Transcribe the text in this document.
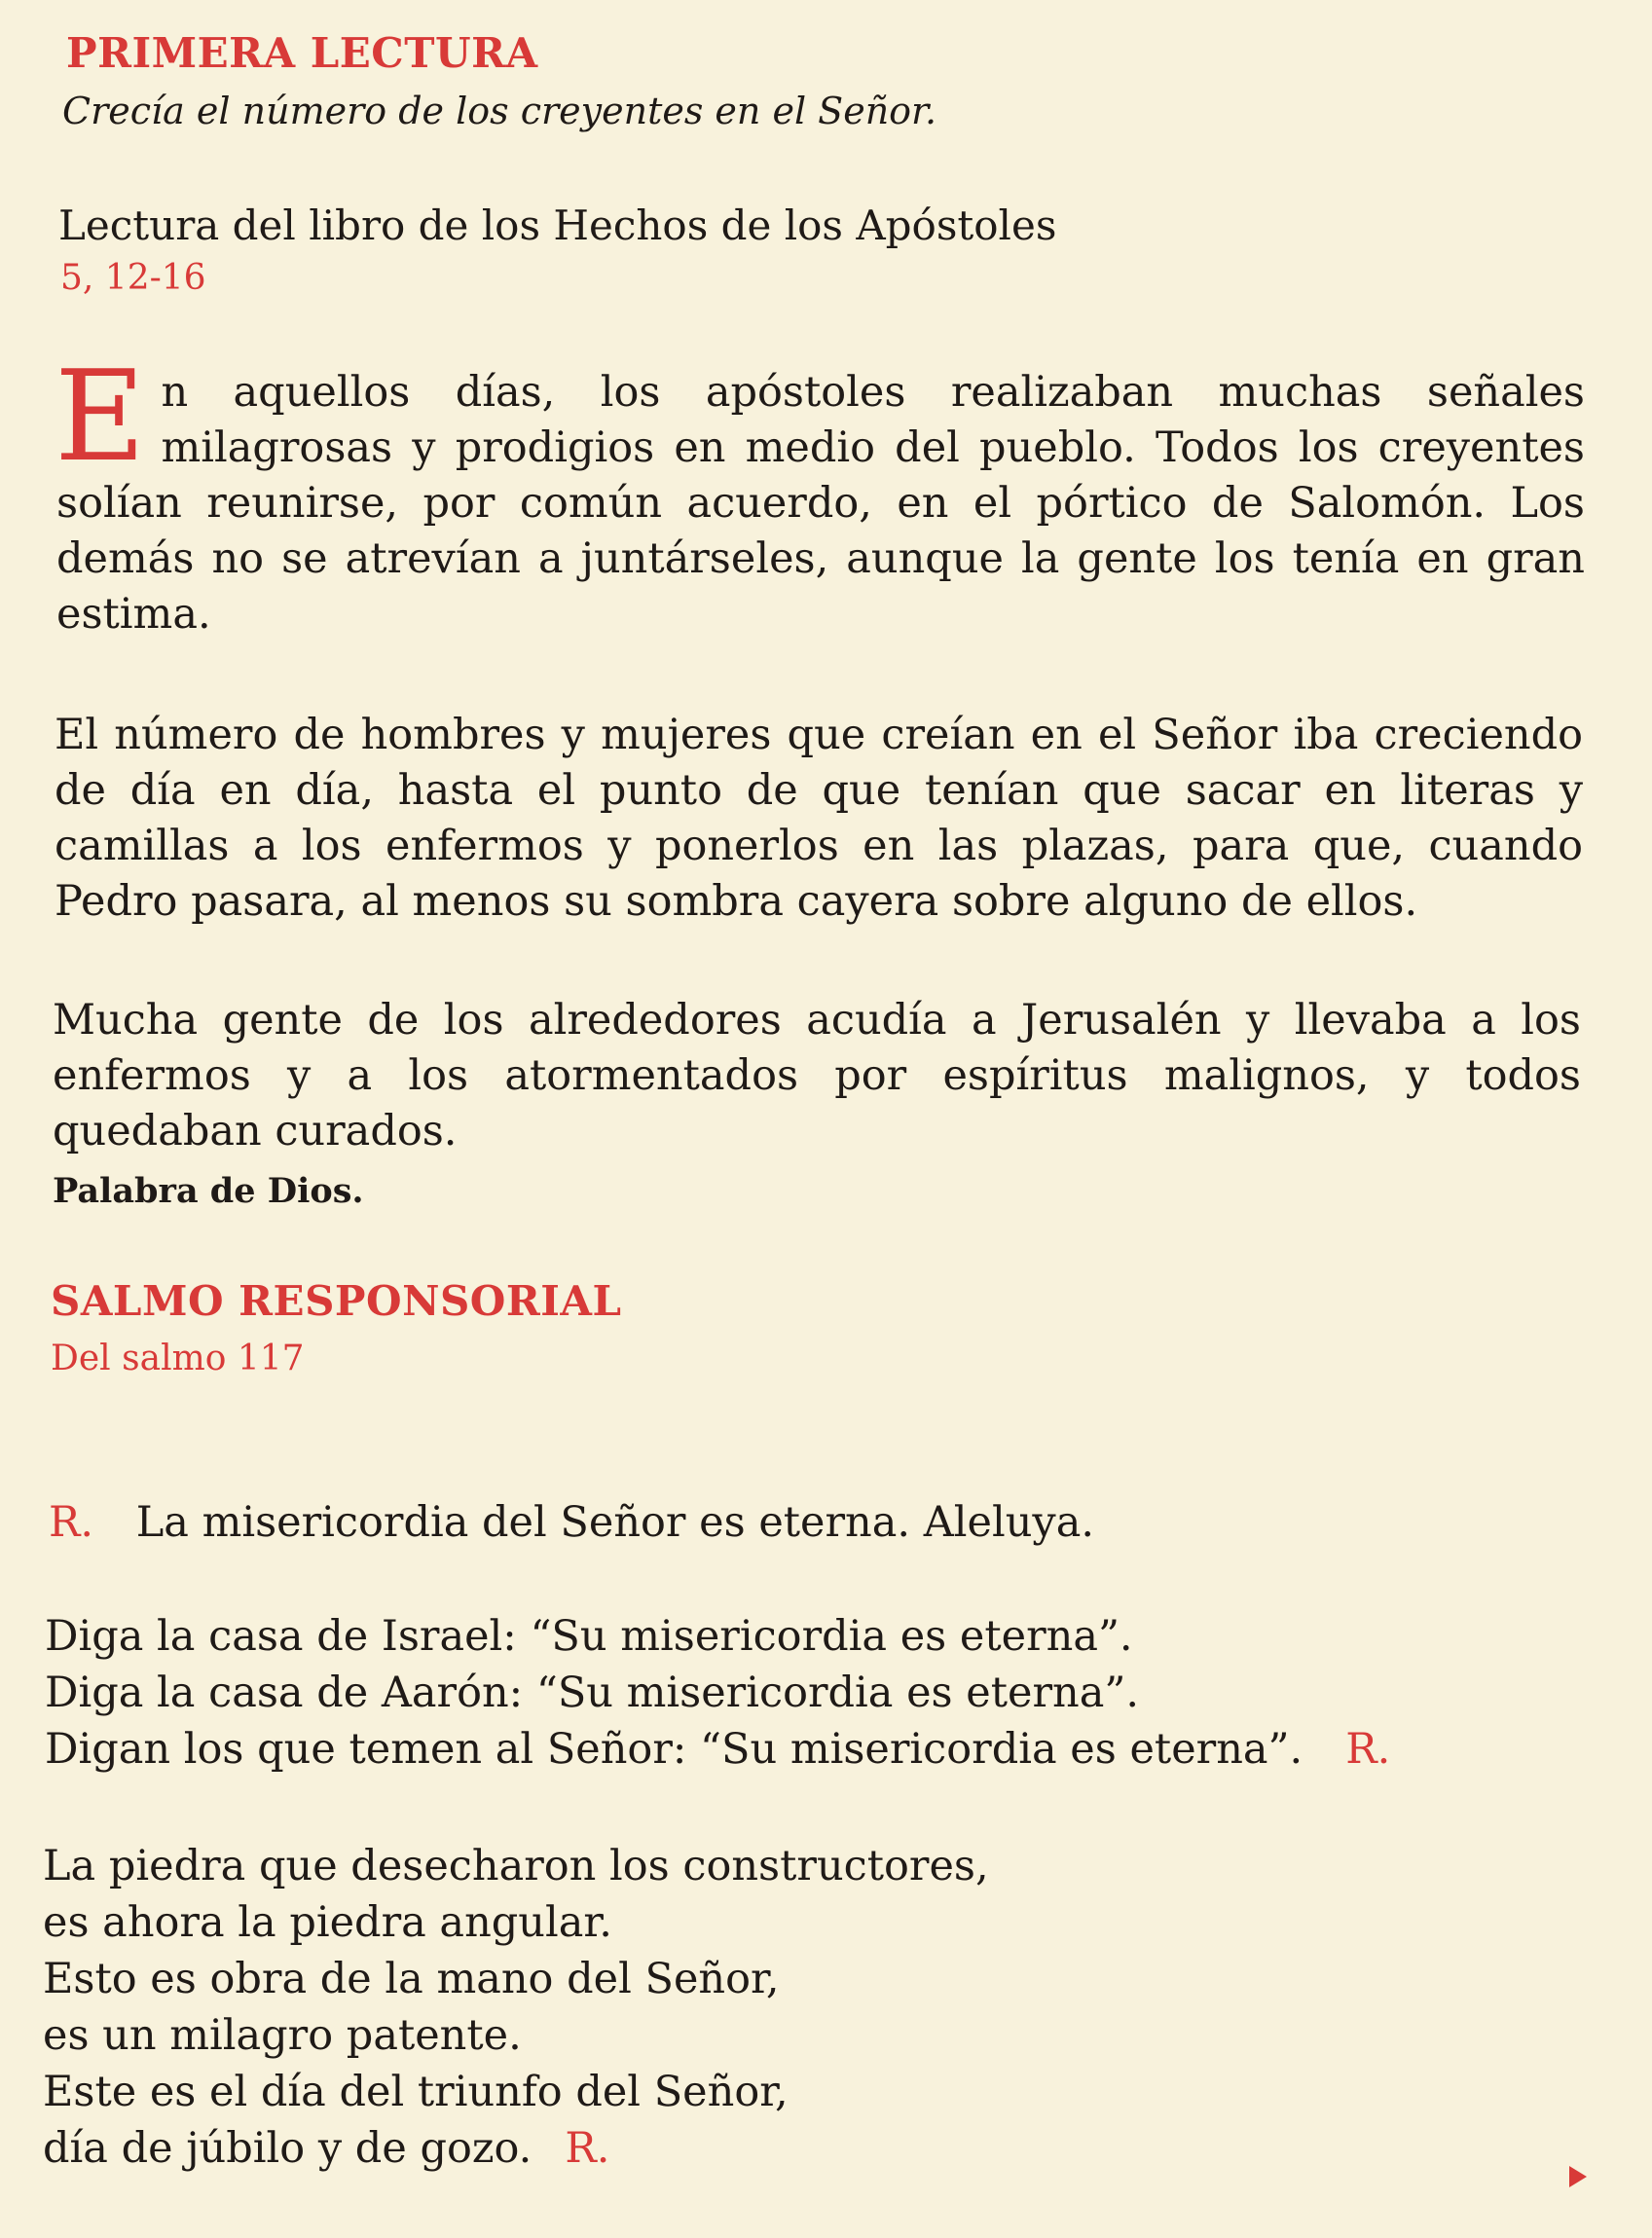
PRIMERA LECTURA
Crecía el número de los creyentes en el Señor.
Lectura del libro de los Hechos de los Apóstoles
5, 12-16

En aquellos días, los apóstoles realizaban muchas señales milagrosas y prodigios en medio del pueblo. Todos los creyentes solían reunirse, por común acuerdo, en el pórtico de Salomón. Los demás no se atrevían a juntárseles, aunque la gente los tenía en gran estima.

El número de hombres y mujeres que creían en el Señor iba creciendo de día en día, hasta el punto de que tenían que sacar en literas y camillas a los enfermos y ponerlos en las plazas, para que, cuando Pedro pasara, al menos su sombra cayera sobre alguno de ellos.

Mucha gente de los alrededores acudía a Jerusalén y llevaba a los enfermos y a los atormentados por espíritus malignos, y todos quedaban curados.

Palabra de Dios.
SALMO RESPONSORIAL
Del salmo 117
R. La misericordia del Señor es eterna. Aleluya.
Diga la casa de Israel: “Su misericordia es eterna”.
Diga la casa de Aarón: “Su misericordia es eterna”.
Digan los que temen al Señor: “Su misericordia es eterna”. R.
La piedra que desecharon los constructores,
es ahora la piedra angular.
Esto es obra de la mano del Señor,
es un milagro patente.
Este es el día del triunfo del Señor,
día de júbilo y de gozo. R.
